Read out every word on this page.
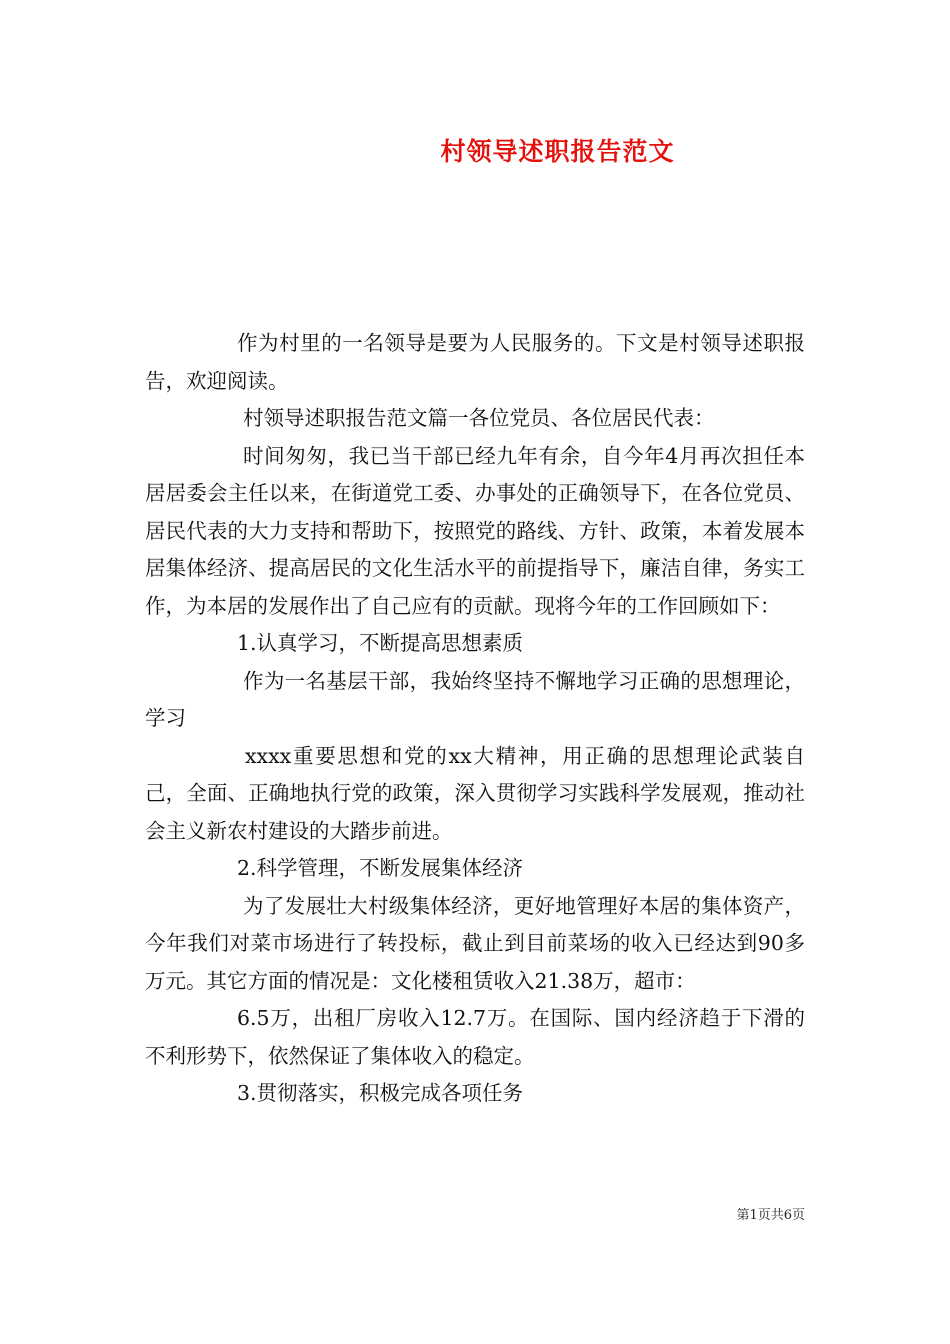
村领导述职报告范文

作为村里的一名领导是要为人民服务的。下文是村领导述职报告，欢迎阅读。

村领导述职报告范文篇一各位党员、各位居民代表：

时间匆匆，我已当干部已经九年有余，自今年4月再次担任本居居委会主任以来，在街道党工委、办事处的正确领导下，在各位党员、居民代表的大力支持和帮助下，按照党的路线、方针、政策，本着发展本居集体经济、提高居民的文化生活水平的前提指导下，廉洁自律，务实工作，为本居的发展作出了自己应有的贡献。现将今年的工作回顾如下：

1.认真学习，不断提高思想素质

作为一名基层干部，我始终坚持不懈地学习正确的思想理论，学习

xxxx重要思想和党的xx大精神，用正确的思想理论武装自己，全面、正确地执行党的政策，深入贯彻学习实践科学发展观，推动社会主义新农村建设的大踏步前进。

2.科学管理，不断发展集体经济

为了发展壮大村级集体经济，更好地管理好本居的集体资产，今年我们对菜市场进行了转投标，截止到目前菜场的收入已经达到90多万元。其它方面的情况是：文化楼租赁收入21.38万，超市：

6.5万，出租厂房收入12.7万。在国际、国内经济趋于下滑的不利形势下，依然保证了集体收入的稳定。

3.贯彻落实，积极完成各项任务

第1页共6页
